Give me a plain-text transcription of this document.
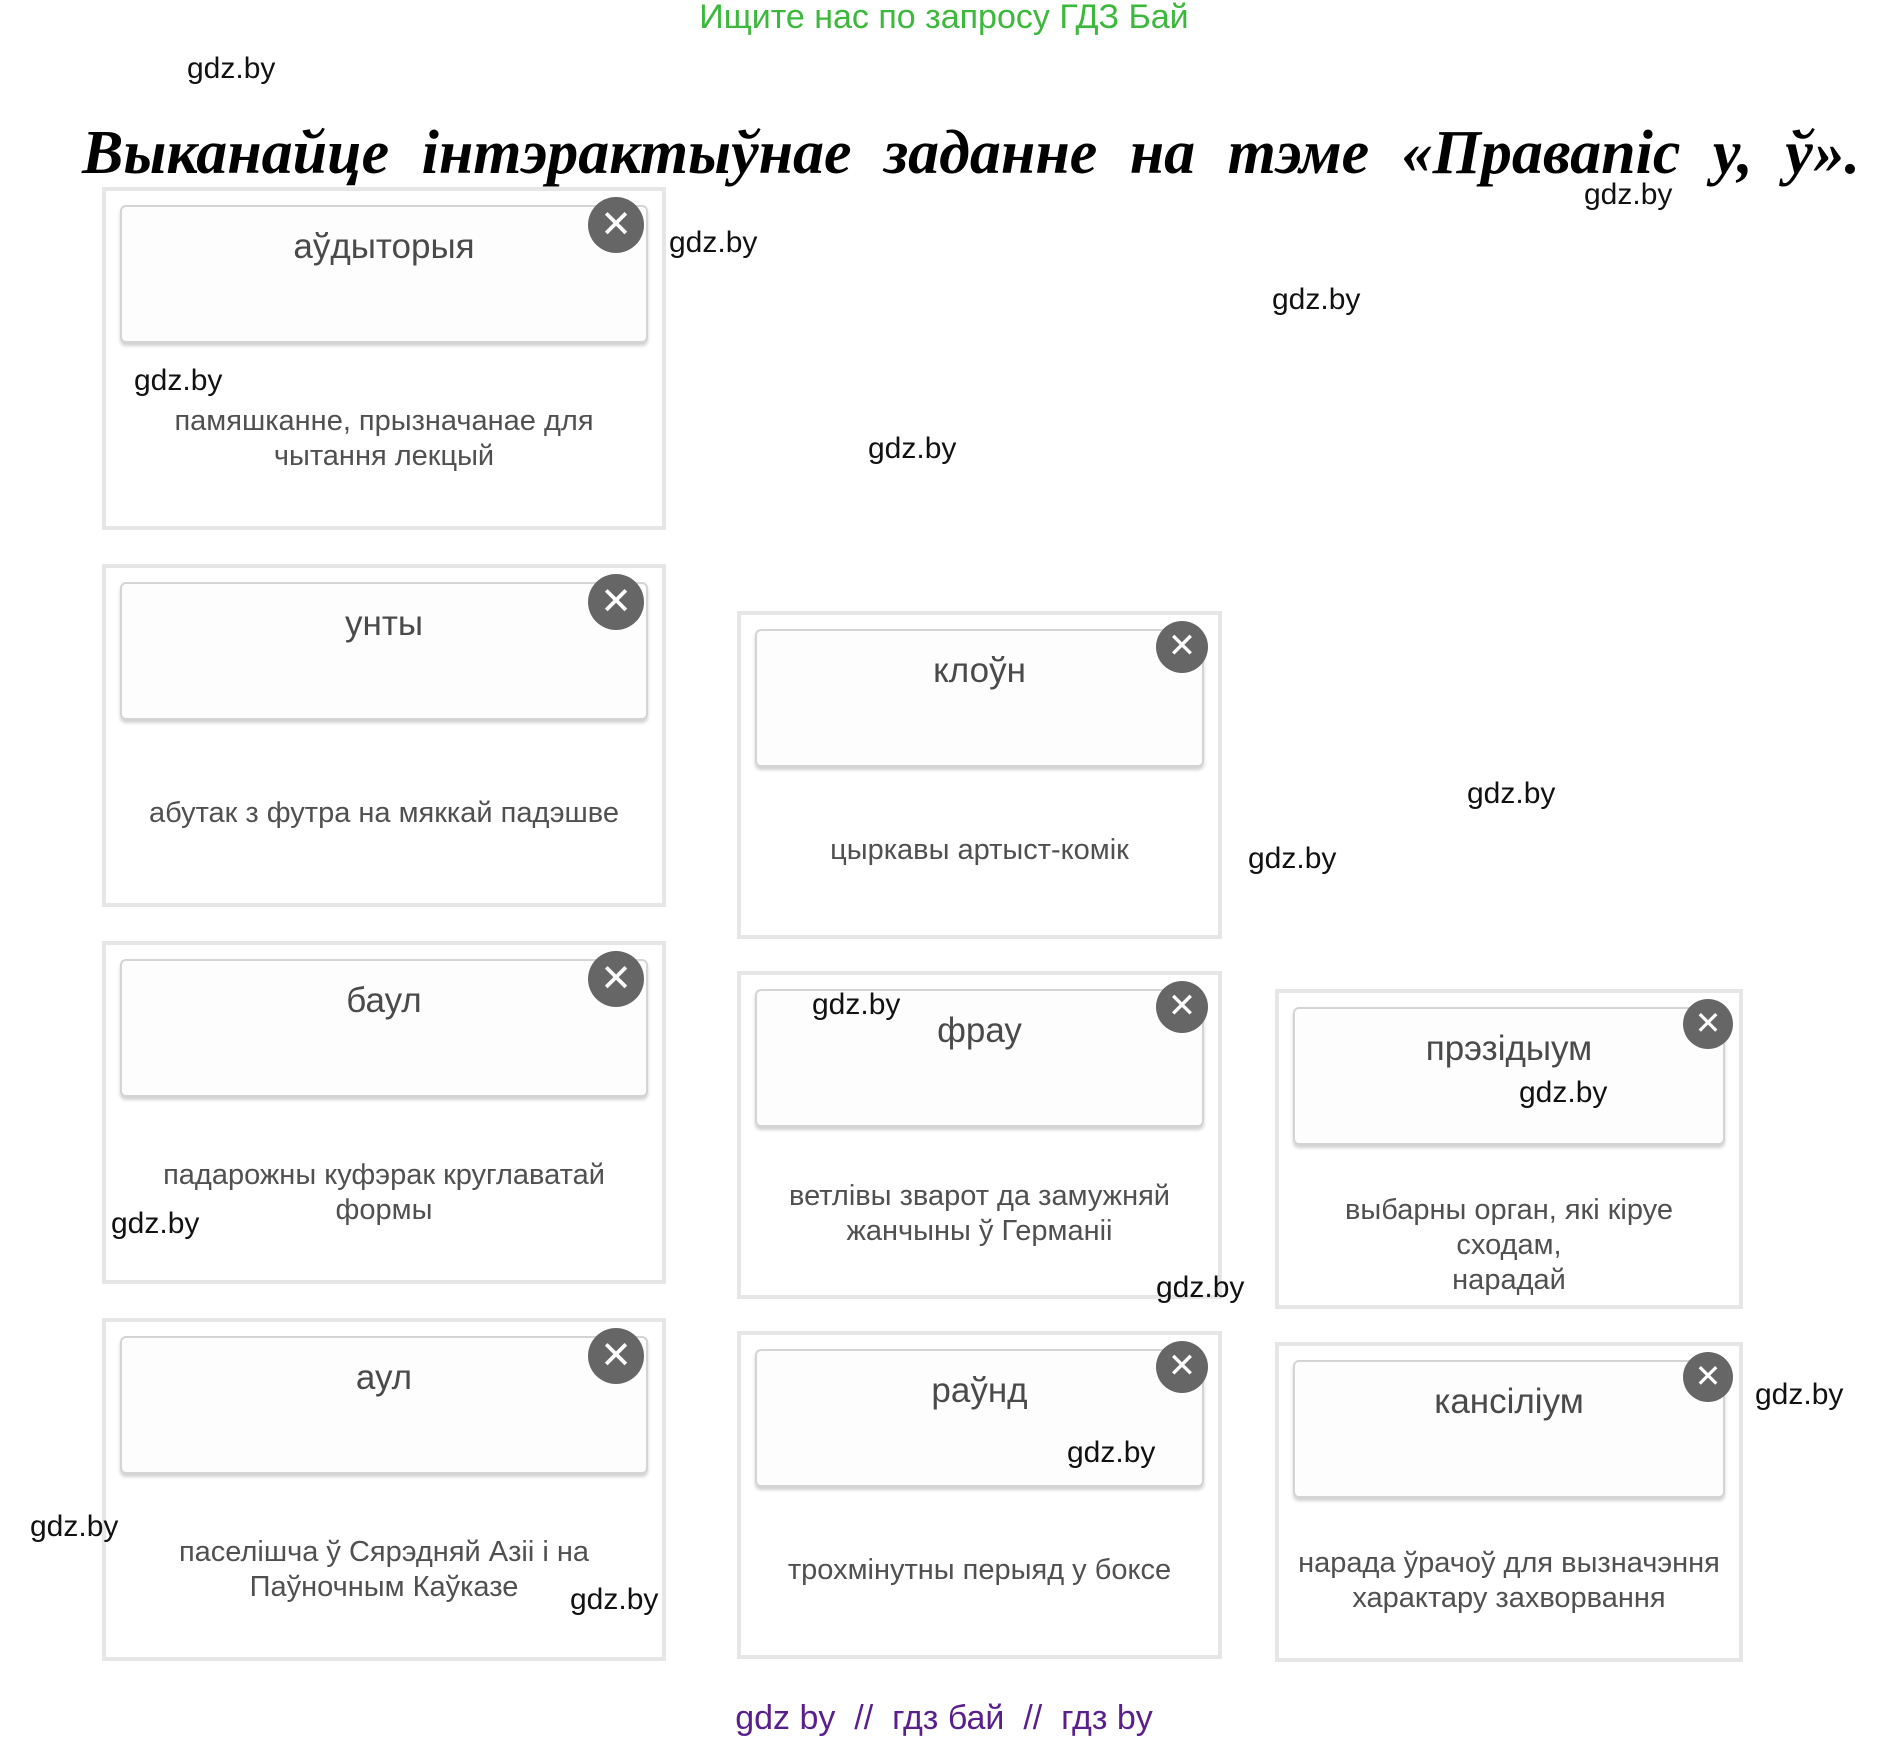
Ищите нас по запросу ГДЗ Бай
Выканайце інтэрактыўнае заданне на тэме «Правапіс у, ў».
аўдыторыя
✕
памяшканне, прызначанае для
чытання лекцый
унты
✕
абутак з футра на мяккай падэшве
баул
✕
падарожны куфэрак круглаватай
формы
аул
✕
паселішча ў Сярэдняй Азіі і на
Паўночным Каўказе
клоўн
✕
цыркавы артыст-комік
фрау
✕
ветлівы зварот да замужняй
жанчыны ў Германіі
раўнд
✕
трохмінутны перыяд у боксе
прэзідыум
✕
выбарны орган, які кіруе сходам,
нарадай
кансіліум
✕
нарада ўрачоў для вызначэння
характару захворвання
gdz.by
gdz.by
gdz.by
gdz.by
gdz.by
gdz.by
gdz.by
gdz.by
gdz.by
gdz.by
gdz.by
gdz.by
gdz.by
gdz.by
gdz.by
gdz.by
gdz by  //  гдз бай  //  гдз by
